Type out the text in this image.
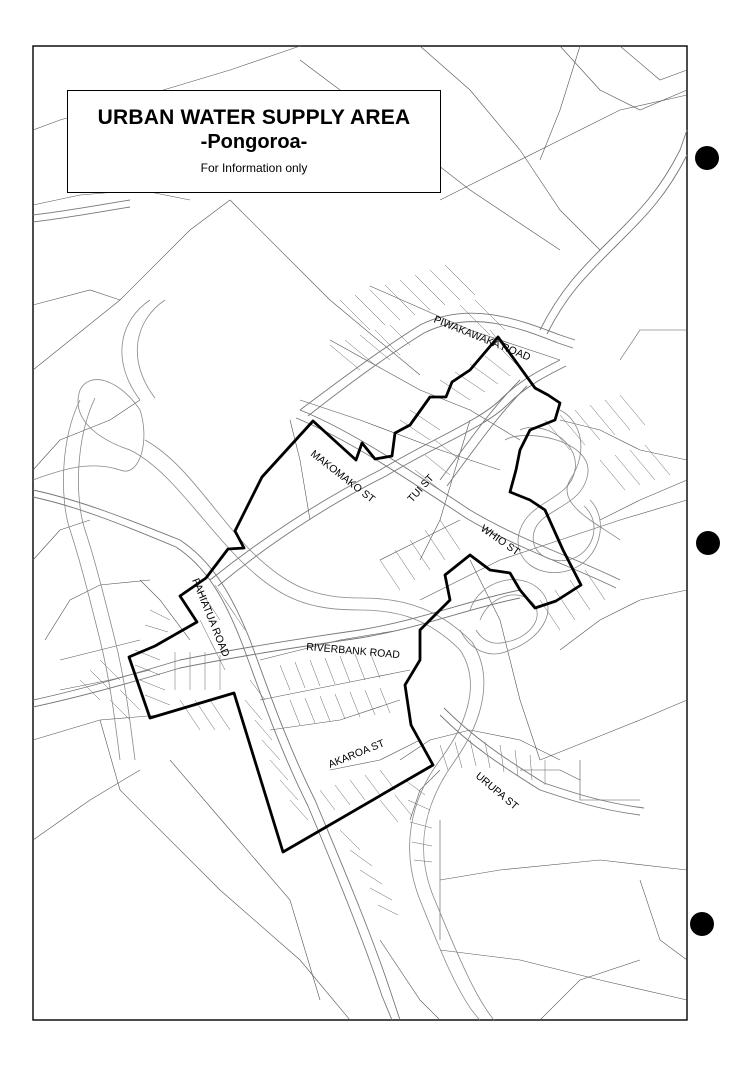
PIWAKAWAKA ROAD
MAKOMAKO ST	TUI ST
WHIO ST
PAHIATUA ROAD	RIVERBANK ROAD
AKAROA ST
URUPA ST
URBAN WATER SUPPLY AREA
-Pongoroa-
For Information only
